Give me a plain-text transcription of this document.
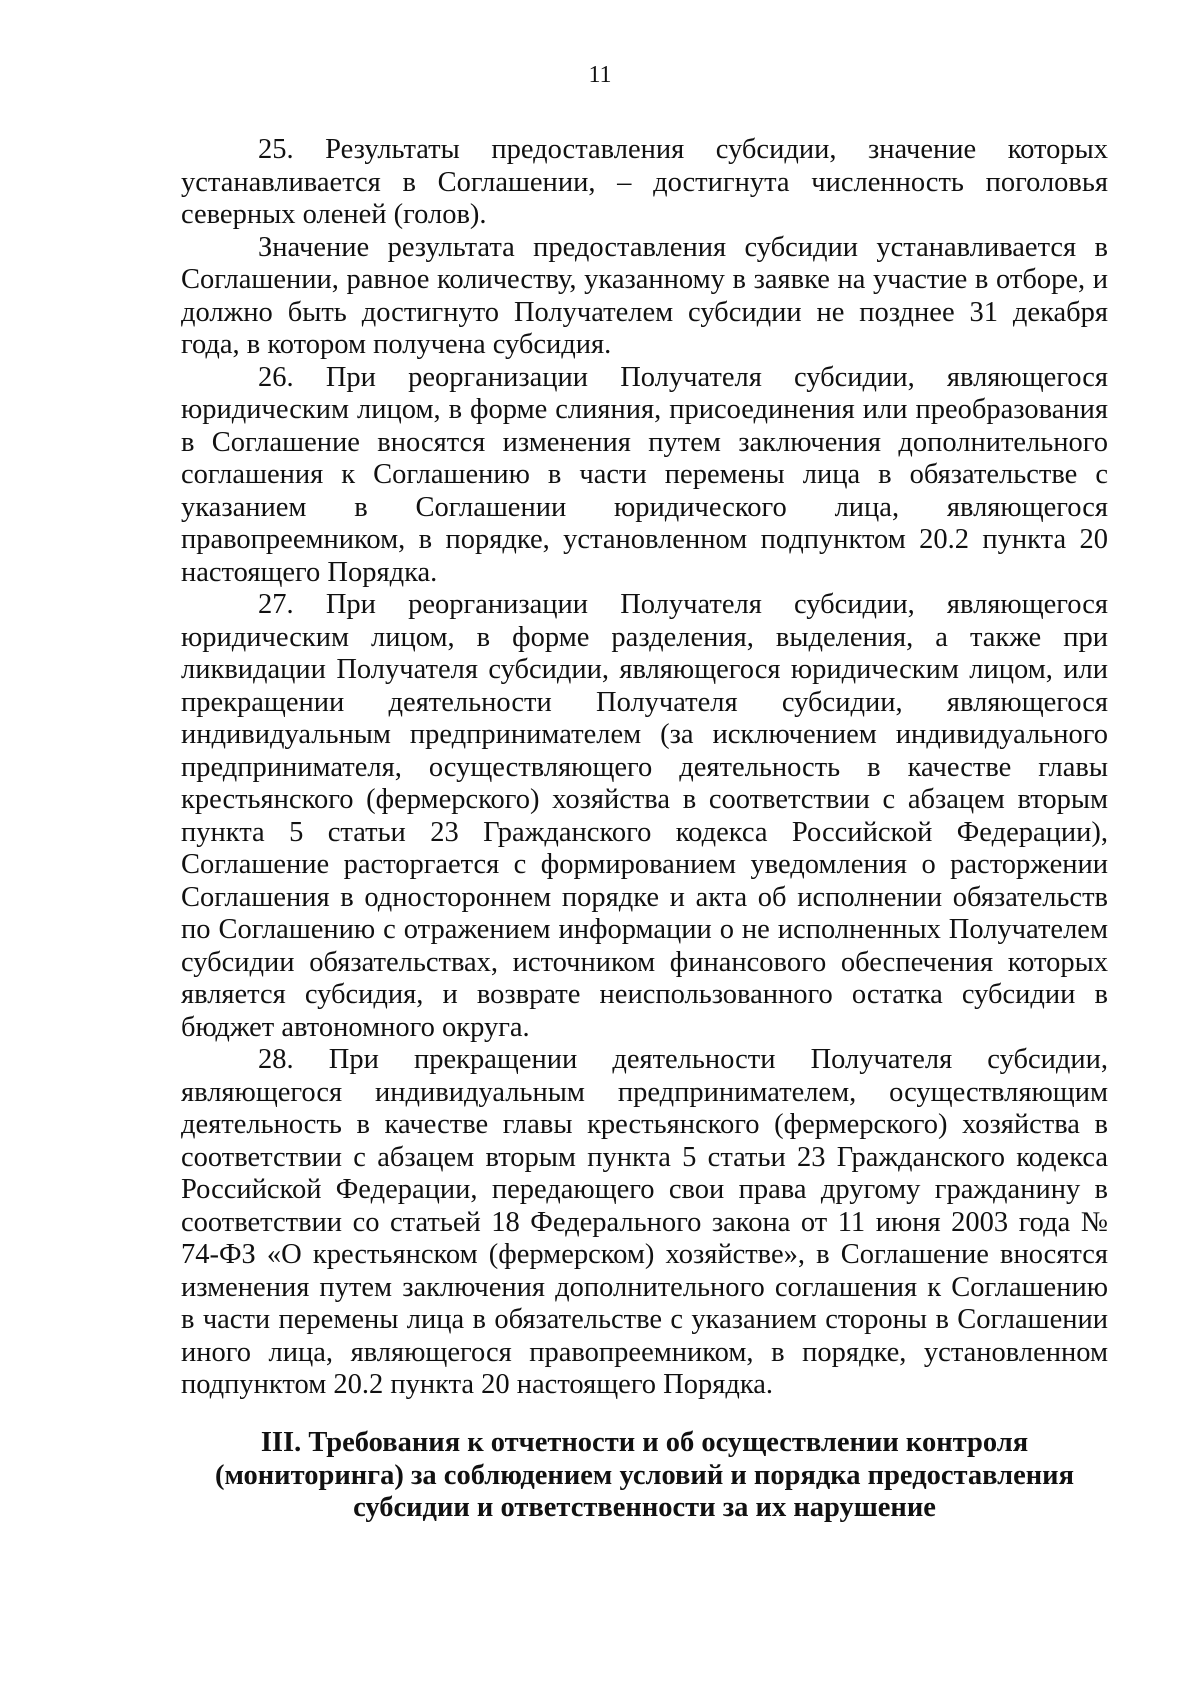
11

25. Результаты предоставления субсидии, значение которых устанавливается в Соглашении, – достигнута численность поголовья северных оленей (голов).

Значение результата предоставления субсидии устанавливается в Соглашении, равное количеству, указанному в заявке на участие в отборе, и должно быть достигнуто Получателем субсидии не позднее 31 декабря года, в котором получена субсидия.

26. При реорганизации Получателя субсидии, являющегося юридическим лицом, в форме слияния, присоединения или преобразования в Соглашение вносятся изменения путем заключения дополнительного соглашения к Соглашению в части перемены лица в обязательстве с указанием в Соглашении юридического лица, являющегося правопреемником, в порядке, установленном подпунктом 20.2 пункта 20 настоящего Порядка.

27. При реорганизации Получателя субсидии, являющегося юридическим лицом, в форме разделения, выделения, а также при ликвидации Получателя субсидии, являющегося юридическим лицом, или прекращении деятельности Получателя субсидии, являющегося индивидуальным предпринимателем (за исключением индивидуального предпринимателя, осуществляющего деятельность в качестве главы крестьянского (фермерского) хозяйства в соответствии с абзацем вторым пункта 5 статьи 23 Гражданского кодекса Российской Федерации), Соглашение расторгается с формированием уведомления о расторжении Соглашения в одностороннем порядке и акта об исполнении обязательств по Соглашению с отражением информации о не исполненных Получателем субсидии обязательствах, источником финансового обеспечения которых является субсидия, и возврате неиспользованного остатка субсидии в бюджет автономного округа.

28. При прекращении деятельности Получателя субсидии, являющегося индивидуальным предпринимателем, осуществляющим деятельность в качестве главы крестьянского (фермерского) хозяйства в соответствии с абзацем вторым пункта 5 статьи 23 Гражданского кодекса Российской Федерации, передающего свои права другому гражданину в соответствии со статьей 18 Федерального закона от 11 июня 2003 года № 74-ФЗ «О крестьянском (фермерском) хозяйстве», в Соглашение вносятся изменения путем заключения дополнительного соглашения к Соглашению в части перемены лица в обязательстве с указанием стороны в Соглашении иного лица, являющегося правопреемником, в порядке, установленном подпунктом 20.2 пункта 20 настоящего Порядка.

III. Требования к отчетности и об осуществлении контроля (мониторинга) за соблюдением условий и порядка предоставления субсидии и ответственности за их нарушение
